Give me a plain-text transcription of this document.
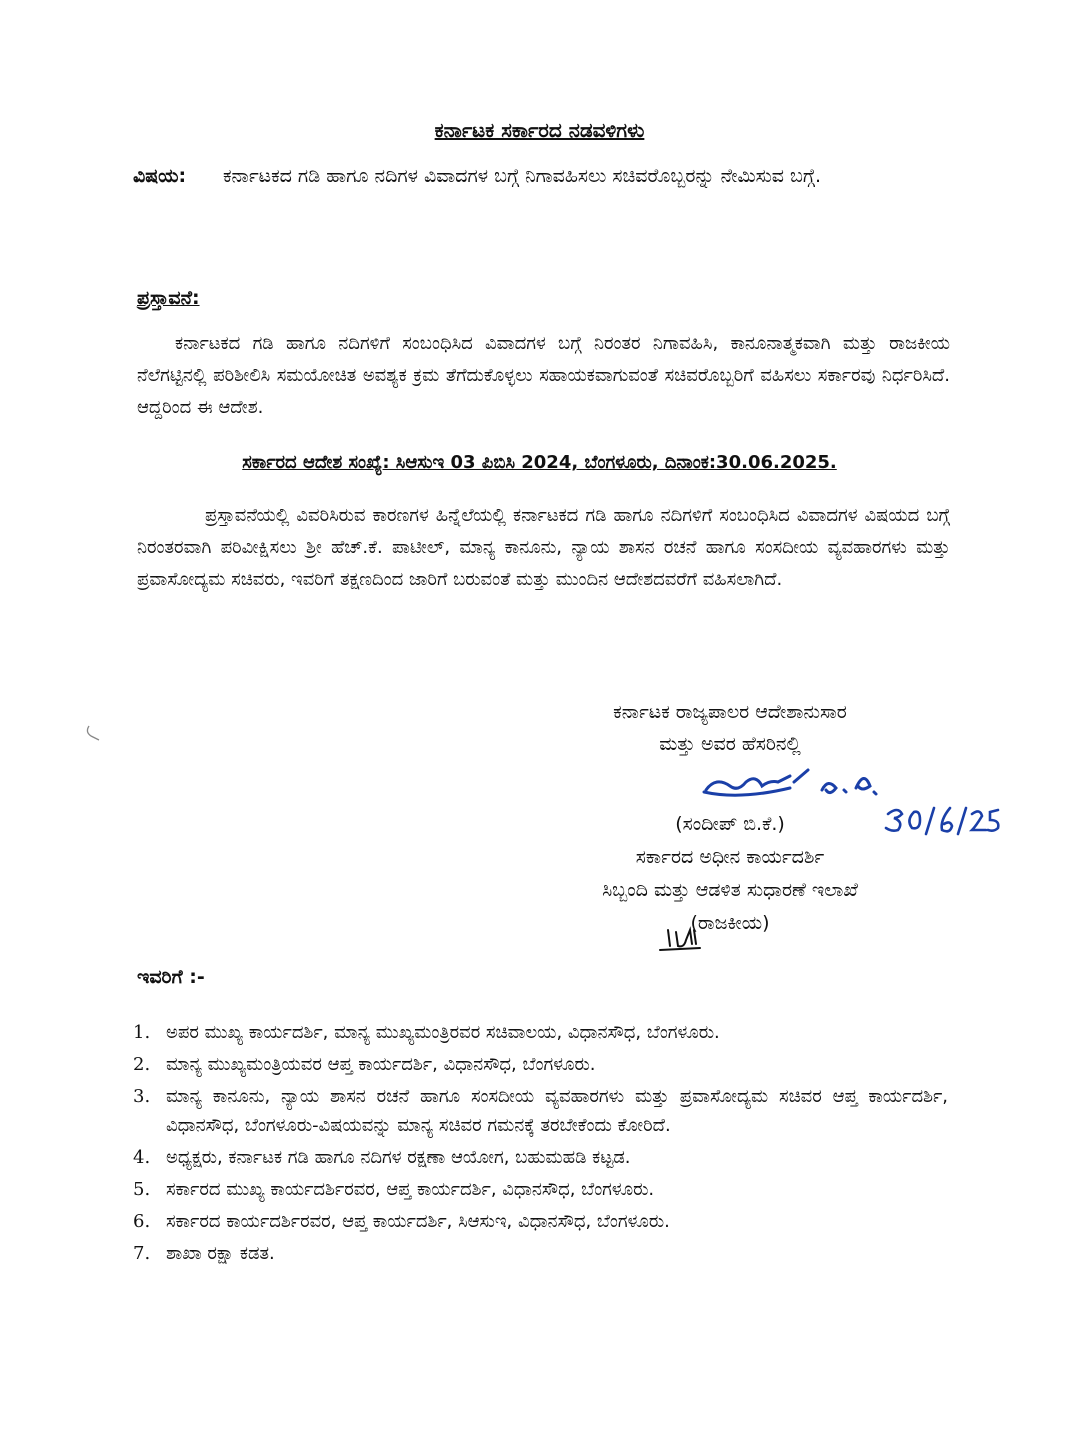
ಕರ್ನಾಟಕ ಸರ್ಕಾರದ ನಡವಳಿಗಳು
ವಿಷಯ: ಕರ್ನಾಟಕದ ಗಡಿ ಹಾಗೂ ನದಿಗಳ ವಿವಾದಗಳ ಬಗ್ಗೆ ನಿಗಾವಹಿಸಲು ಸಚಿವರೊಬ್ಬರನ್ನು ನೇಮಿಸುವ ಬಗ್ಗೆ.
ಪ್ರಸ್ತಾವನೆ:
ಕರ್ನಾಟಕದ ಗಡಿ ಹಾಗೂ ನದಿಗಳಿಗೆ ಸಂಬಂಧಿಸಿದ ವಿವಾದಗಳ ಬಗ್ಗೆ ನಿರಂತರ ನಿಗಾವಹಿಸಿ, ಕಾನೂನಾತ್ಮಕವಾಗಿ ಮತ್ತು ರಾಜಕೀಯ ನೆಲೆಗಟ್ಟಿನಲ್ಲಿ ಪರಿಶೀಲಿಸಿ ಸಮಯೋಚಿತ ಅವಶ್ಯಕ ಕ್ರಮ ತೆಗೆದುಕೊಳ್ಳಲು ಸಹಾಯಕವಾಗುವಂತೆ ಸಚಿವರೊಬ್ಬರಿಗೆ ವಹಿಸಲು ಸರ್ಕಾರವು ನಿರ್ಧರಿಸಿದೆ. ಆದ್ದರಿಂದ ಈ ಆದೇಶ.
ಸರ್ಕಾರದ ಆದೇಶ ಸಂಖ್ಯೆ: ಸಿಆಸುಇ 03 ಪಿಬಿಸಿ 2024, ಬೆಂಗಳೂರು, ದಿನಾಂಕ:30.06.2025.
ಪ್ರಸ್ತಾವನೆಯಲ್ಲಿ ವಿವರಿಸಿರುವ ಕಾರಣಗಳ ಹಿನ್ನೆಲೆಯಲ್ಲಿ ಕರ್ನಾಟಕದ ಗಡಿ ಹಾಗೂ ನದಿಗಳಿಗೆ ಸಂಬಂಧಿಸಿದ ವಿವಾದಗಳ ವಿಷಯದ ಬಗ್ಗೆ ನಿರಂತರವಾಗಿ ಪರಿವೀಕ್ಷಿಸಲು ಶ್ರೀ ಹೆಚ್.ಕೆ. ಪಾಟೀಲ್, ಮಾನ್ಯ ಕಾನೂನು, ನ್ಯಾಯ ಶಾಸನ ರಚನೆ ಹಾಗೂ ಸಂಸದೀಯ ವ್ಯವಹಾರಗಳು ಮತ್ತು ಪ್ರವಾಸೋದ್ಯಮ ಸಚಿವರು, ಇವರಿಗೆ ತಕ್ಷಣದಿಂದ ಜಾರಿಗೆ ಬರುವಂತೆ ಮತ್ತು ಮುಂದಿನ ಆದೇಶದವರೆಗೆ ವಹಿಸಲಾಗಿದೆ.
ಕರ್ನಾಟಕ ರಾಜ್ಯಪಾಲರ ಆದೇಶಾನುಸಾರ
ಮತ್ತು ಅವರ ಹೆಸರಿನಲ್ಲಿ
(ಸಂದೀಪ್ ಬಿ.ಕೆ.)
ಸರ್ಕಾರದ ಅಧೀನ ಕಾರ್ಯದರ್ಶಿ
ಸಿಬ್ಬಂದಿ ಮತ್ತು ಆಡಳಿತ ಸುಧಾರಣೆ ಇಲಾಖೆ
(ರಾಜಕೀಯ)
ಇವರಿಗೆ :-
1. ಅಪರ ಮುಖ್ಯ ಕಾರ್ಯದರ್ಶಿ, ಮಾನ್ಯ ಮುಖ್ಯಮಂತ್ರಿರವರ ಸಚಿವಾಲಯ, ವಿಧಾನಸೌಧ, ಬೆಂಗಳೂರು.
2. ಮಾನ್ಯ ಮುಖ್ಯಮಂತ್ರಿಯವರ ಆಪ್ತ ಕಾರ್ಯದರ್ಶಿ, ವಿಧಾನಸೌಧ, ಬೆಂಗಳೂರು.
3. ಮಾನ್ಯ ಕಾನೂನು, ನ್ಯಾಯ ಶಾಸನ ರಚನೆ ಹಾಗೂ ಸಂಸದೀಯ ವ್ಯವಹಾರಗಳು ಮತ್ತು ಪ್ರವಾಸೋದ್ಯಮ ಸಚಿವರ ಆಪ್ತ ಕಾರ್ಯದರ್ಶಿ, ವಿಧಾನಸೌಧ, ಬೆಂಗಳೂರು-ವಿಷಯವನ್ನು ಮಾನ್ಯ ಸಚಿವರ ಗಮನಕ್ಕೆ ತರಬೇಕೆಂದು ಕೋರಿದೆ.
4. ಅಧ್ಯಕ್ಷರು, ಕರ್ನಾಟಕ ಗಡಿ ಹಾಗೂ ನದಿಗಳ ರಕ್ಷಣಾ ಆಯೋಗ, ಬಹುಮಹಡಿ ಕಟ್ಟಡ.
5. ಸರ್ಕಾರದ ಮುಖ್ಯ ಕಾರ್ಯದರ್ಶಿರವರ, ಆಪ್ತ ಕಾರ್ಯದರ್ಶಿ, ವಿಧಾನಸೌಧ, ಬೆಂಗಳೂರು.
6. ಸರ್ಕಾರದ ಕಾರ್ಯದರ್ಶಿರವರ, ಆಪ್ತ ಕಾರ್ಯದರ್ಶಿ, ಸಿಆಸುಇ, ವಿಧಾನಸೌಧ, ಬೆಂಗಳೂರು.
7. ಶಾಖಾ ರಕ್ಷಾ ಕಡತ.
